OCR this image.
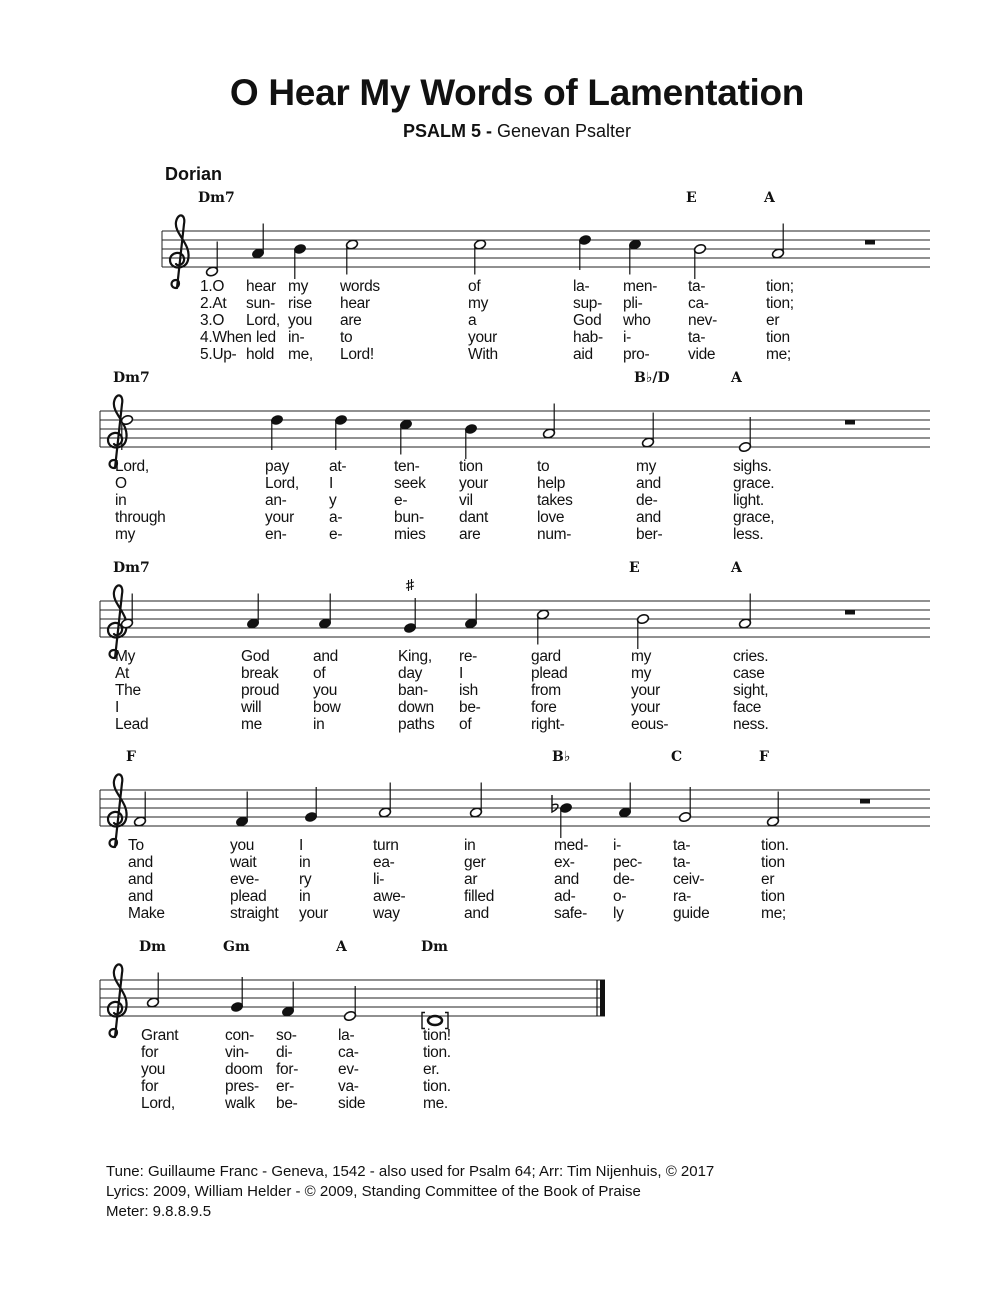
O Hear My Words of Lamentation
PSALM 5 - Genevan Psalter
Dorian
Dm7	E	A
1.O hear my words	of	la- men- ta-	tion;
2.At sun- rise hear	my	sup- pli-	ca-	tion;
3.O Lord, you are	a	God who nev-	er
4.When led in- to	your	hab- i-	ta-	tion
5.Up- hold me, Lord!	With	aid pro- vide	me;
Dm7	B♭/D	A
Lord,	pay	at-	ten-	tion	to	my	sighs.
O	Lord, I	seek your	help	and	grace.
in	an-	y	e-	vil	takes	de-	light.
through	your a-	bun- dant	love	and	grace,
my	en-	e-	mies are	num-	ber-	less.
Dm7	E	A
My	God	and	King, re-	gard	my	cries.
At	break of	day I	plead	my	case
The	proud you	ban- ish	from	your	sight,
I	will	bow	down be-	fore	your	face
Lead	me	in	paths of	right-	eous-	ness.
F	B♭	C	F
To	you	I	turn	in	med- i-	ta-	tion.
and	wait	in	ea-	ger	ex- pec- ta-	tion
and	eve-	ry	li-	ar	and de- ceiv-	er
and	plead in	awe-	filled	ad- o-	ra-	tion
Make	straight your	way	and	safe- ly	guide	me;
Dm	Gm	A	Dm
Grant	con- so-	la-	tion!
for	vin- di-	ca-	tion.
you	doom for-	ev-	er.
for	pres- er-	va-	tion.
Lord,	walk be-	side	me.
Tune: Guillaume Franc - Geneva, 1542 - also used for Psalm 64; Arr: Tim Nijenhuis, © 2017
Lyrics: 2009, William Helder - © 2009, Standing Committee of the Book of Praise
Meter: 9.8.8.9.5
